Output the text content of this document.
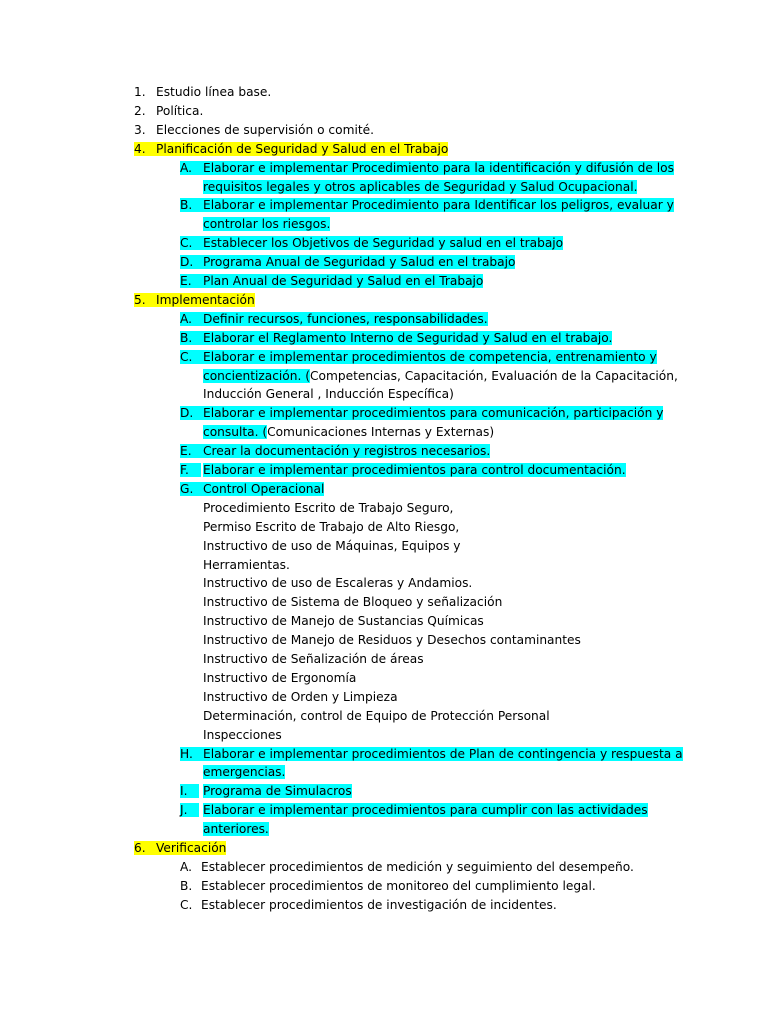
1. Estudio línea base.
2. Política.
3. Elecciones de supervisión o comité.
4. Planificación de Seguridad y Salud en el Trabajo
A. Elaborar e implementar Procedimiento para la identificación y difusión de los
requisitos legales y otros aplicables de Seguridad y Salud Ocupacional.
B. Elaborar e implementar Procedimiento para Identificar los peligros, evaluar y
controlar los riesgos.
C. Establecer los Objetivos de Seguridad y salud en el trabajo
D. Programa Anual de Seguridad y Salud en el trabajo
E. Plan Anual de Seguridad y Salud en el Trabajo
5. Implementación
A. Definir recursos, funciones, responsabilidades.
B. Elaborar el Reglamento Interno de Seguridad y Salud en el trabajo.
C. Elaborar e implementar procedimientos de competencia, entrenamiento y
concientización. (Competencias, Capacitación, Evaluación de la Capacitación,
Inducción General , Inducción Específica)
D. Elaborar e implementar procedimientos para comunicación, participación y
consulta. (Comunicaciones Internas y Externas)
E. Crear la documentación y registros necesarios.
F.	Elaborar e implementar procedimientos para control documentación.
G. Control Operacional
Procedimiento Escrito de Trabajo Seguro,
Permiso Escrito de Trabajo de Alto Riesgo,
Instructivo de uso de Máquinas, Equipos y
Herramientas.
Instructivo de uso de Escaleras y Andamios.
Instructivo de Sistema de Bloqueo y señalización
Instructivo de Manejo de Sustancias Químicas
Instructivo de Manejo de Residuos y Desechos contaminantes
Instructivo de Señalización de áreas
Instructivo de Ergonomía
Instructivo de Orden y Limpieza
Determinación, control de Equipo de Protección Personal
Inspecciones
H. Elaborar e implementar procedimientos de Plan de contingencia y respuesta a
emergencias.
I.	Programa de Simulacros
J.	Elaborar e implementar procedimientos para cumplir con las actividades
anteriores.
6. Verificación
A. Establecer procedimientos de medición y seguimiento del desempeño.
B. Establecer procedimientos de monitoreo del cumplimiento legal.
C. Establecer procedimientos de investigación de incidentes.
